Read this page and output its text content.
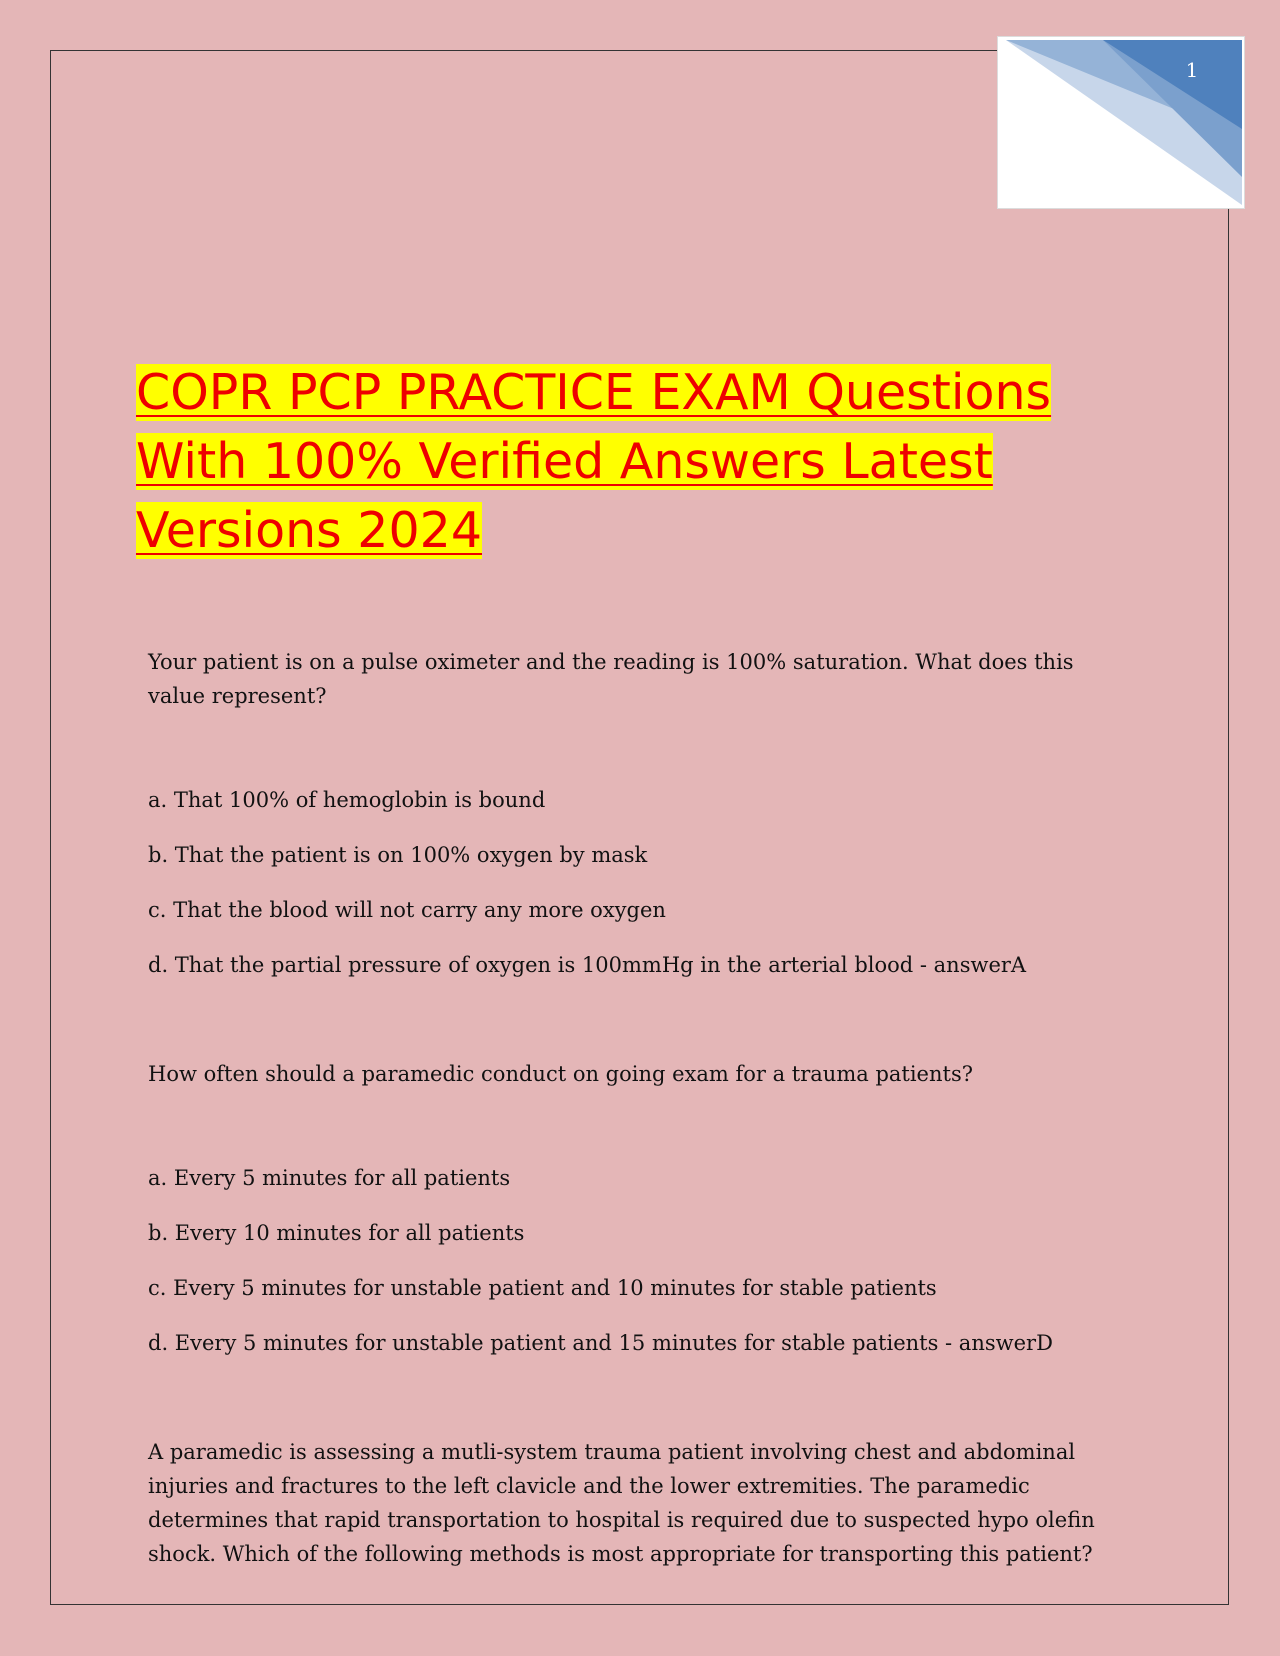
1
COPR PCP PRACTICE EXAM Questions With 100% Verified Answers Latest Versions 2024

Your patient is on a pulse oximeter and the reading is 100% saturation. What does this value represent?

a. That 100% of hemoglobin is bound

b. That the patient is on 100% oxygen by mask

c. That the blood will not carry any more oxygen

d. That the partial pressure of oxygen is 100mmHg in the arterial blood - answerA

How often should a paramedic conduct on going exam for a trauma patients?

a. Every 5 minutes for all patients

b. Every 10 minutes for all patients

c. Every 5 minutes for unstable patient and 10 minutes for stable patients

d. Every 5 minutes for unstable patient and 15 minutes for stable patients - answerD

A paramedic is assessing a mutli-system trauma patient involving chest and abdominal injuries and fractures to the left clavicle and the lower extremities. The paramedic determines that rapid transportation to hospital is required due to suspected hypo olefin shock. Which of the following methods is most appropriate for transporting this patient?
